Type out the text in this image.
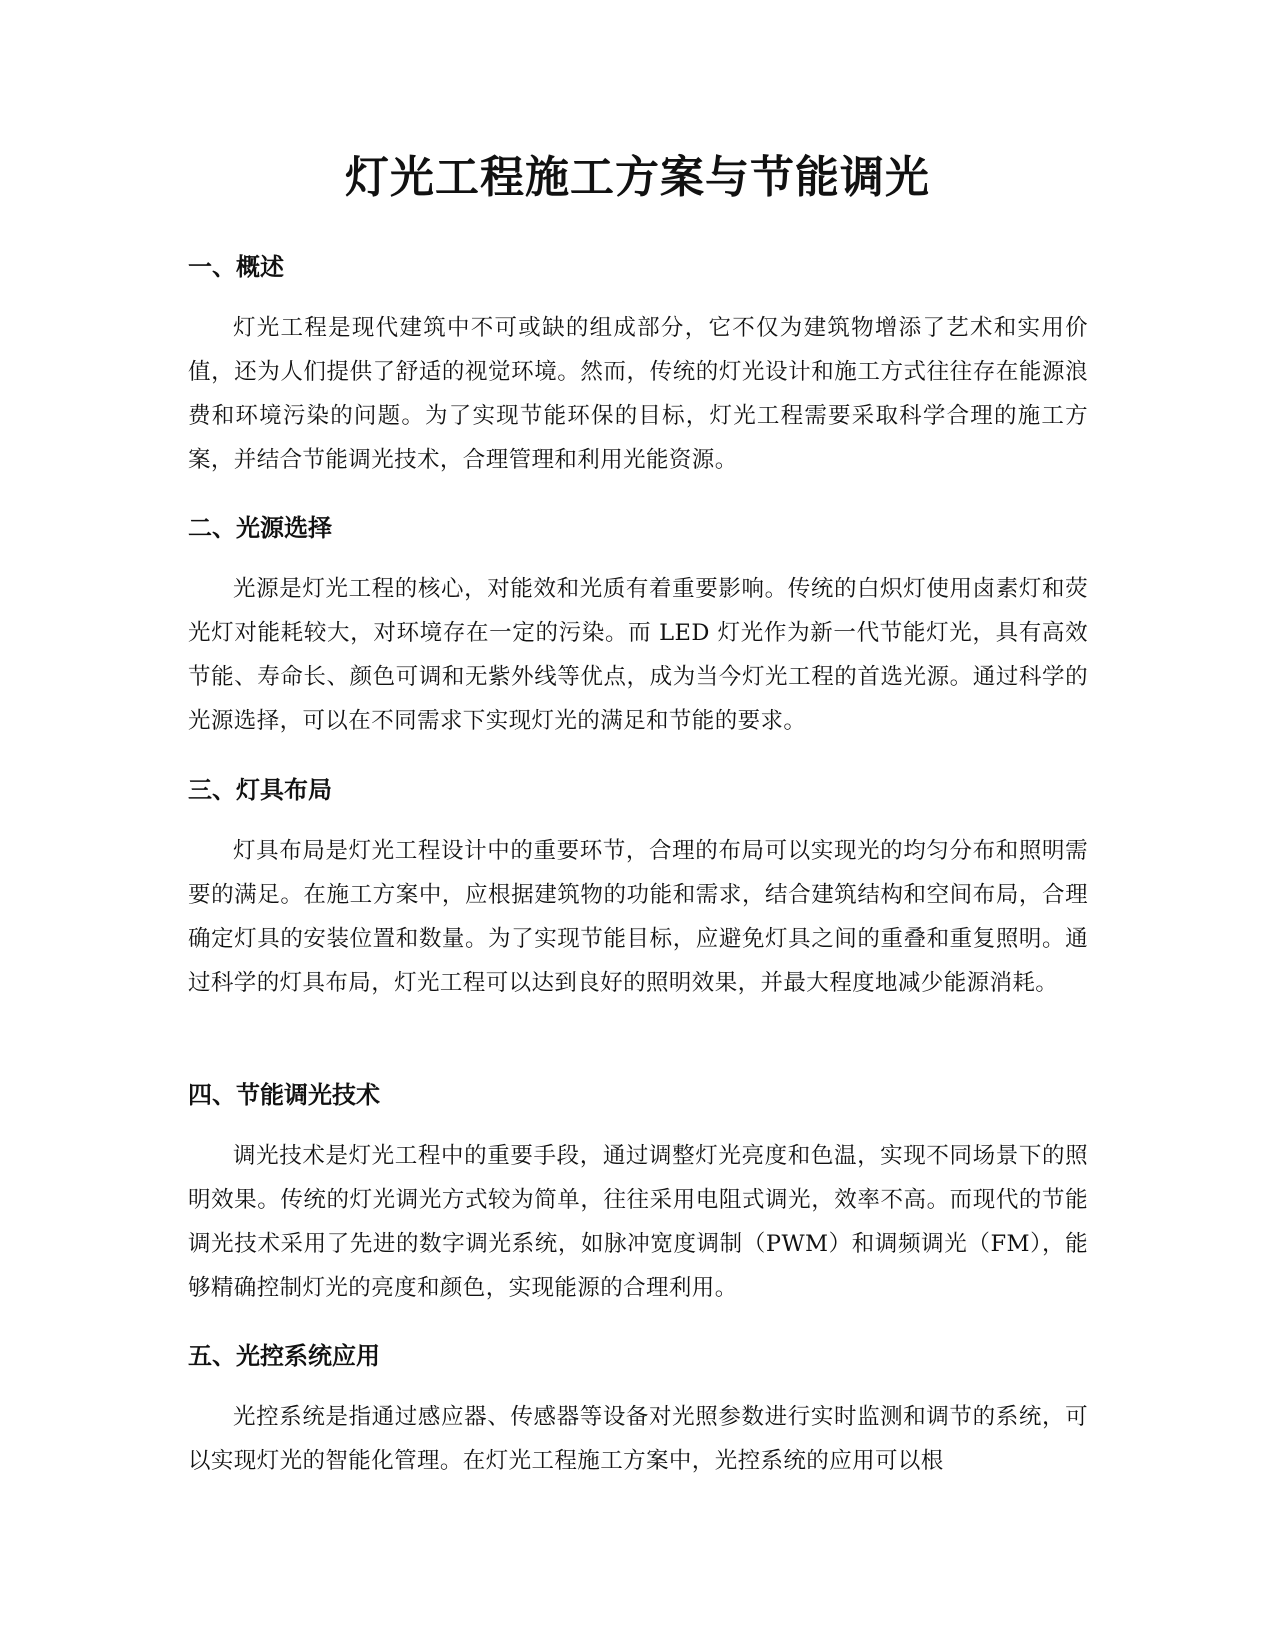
灯光工程施工方案与节能调光
一、概述

灯光工程是现代建筑中不可或缺的组成部分，它不仅为建筑物增添了艺术和实用价值，还为人们提供了舒适的视觉环境。然而，传统的灯光设计和施工方式往往存在能源浪费和环境污染的问题。为了实现节能环保的目标，灯光工程需要采取科学合理的施工方案，并结合节能调光技术，合理管理和利用光能资源。

二、光源选择

光源是灯光工程的核心，对能效和光质有着重要影响。传统的白炽灯使用卤素灯和荧光灯对能耗较大，对环境存在一定的污染。而 LED 灯光作为新一代节能灯光，具有高效节能、寿命长、颜色可调和无紫外线等优点，成为当今灯光工程的首选光源。通过科学的光源选择，可以在不同需求下实现灯光的满足和节能的要求。

三、灯具布局

灯具布局是灯光工程设计中的重要环节，合理的布局可以实现光的均匀分布和照明需要的满足。在施工方案中，应根据建筑物的功能和需求，结合建筑结构和空间布局，合理确定灯具的安装位置和数量。为了实现节能目标，应避免灯具之间的重叠和重复照明。通过科学的灯具布局，灯光工程可以达到良好的照明效果，并最大程度地减少能源消耗。

四、节能调光技术

调光技术是灯光工程中的重要手段，通过调整灯光亮度和色温，实现不同场景下的照明效果。传统的灯光调光方式较为简单，往往采用电阻式调光，效率不高。而现代的节能调光技术采用了先进的数字调光系统，如脉冲宽度调制（PWM）和调频调光（FM），能够精确控制灯光的亮度和颜色，实现能源的合理利用。

五、光控系统应用

光控系统是指通过感应器、传感器等设备对光照参数进行实时监测和调节的系统，可以实现灯光的智能化管理。在灯光工程施工方案中，光控系统的应用可以根
